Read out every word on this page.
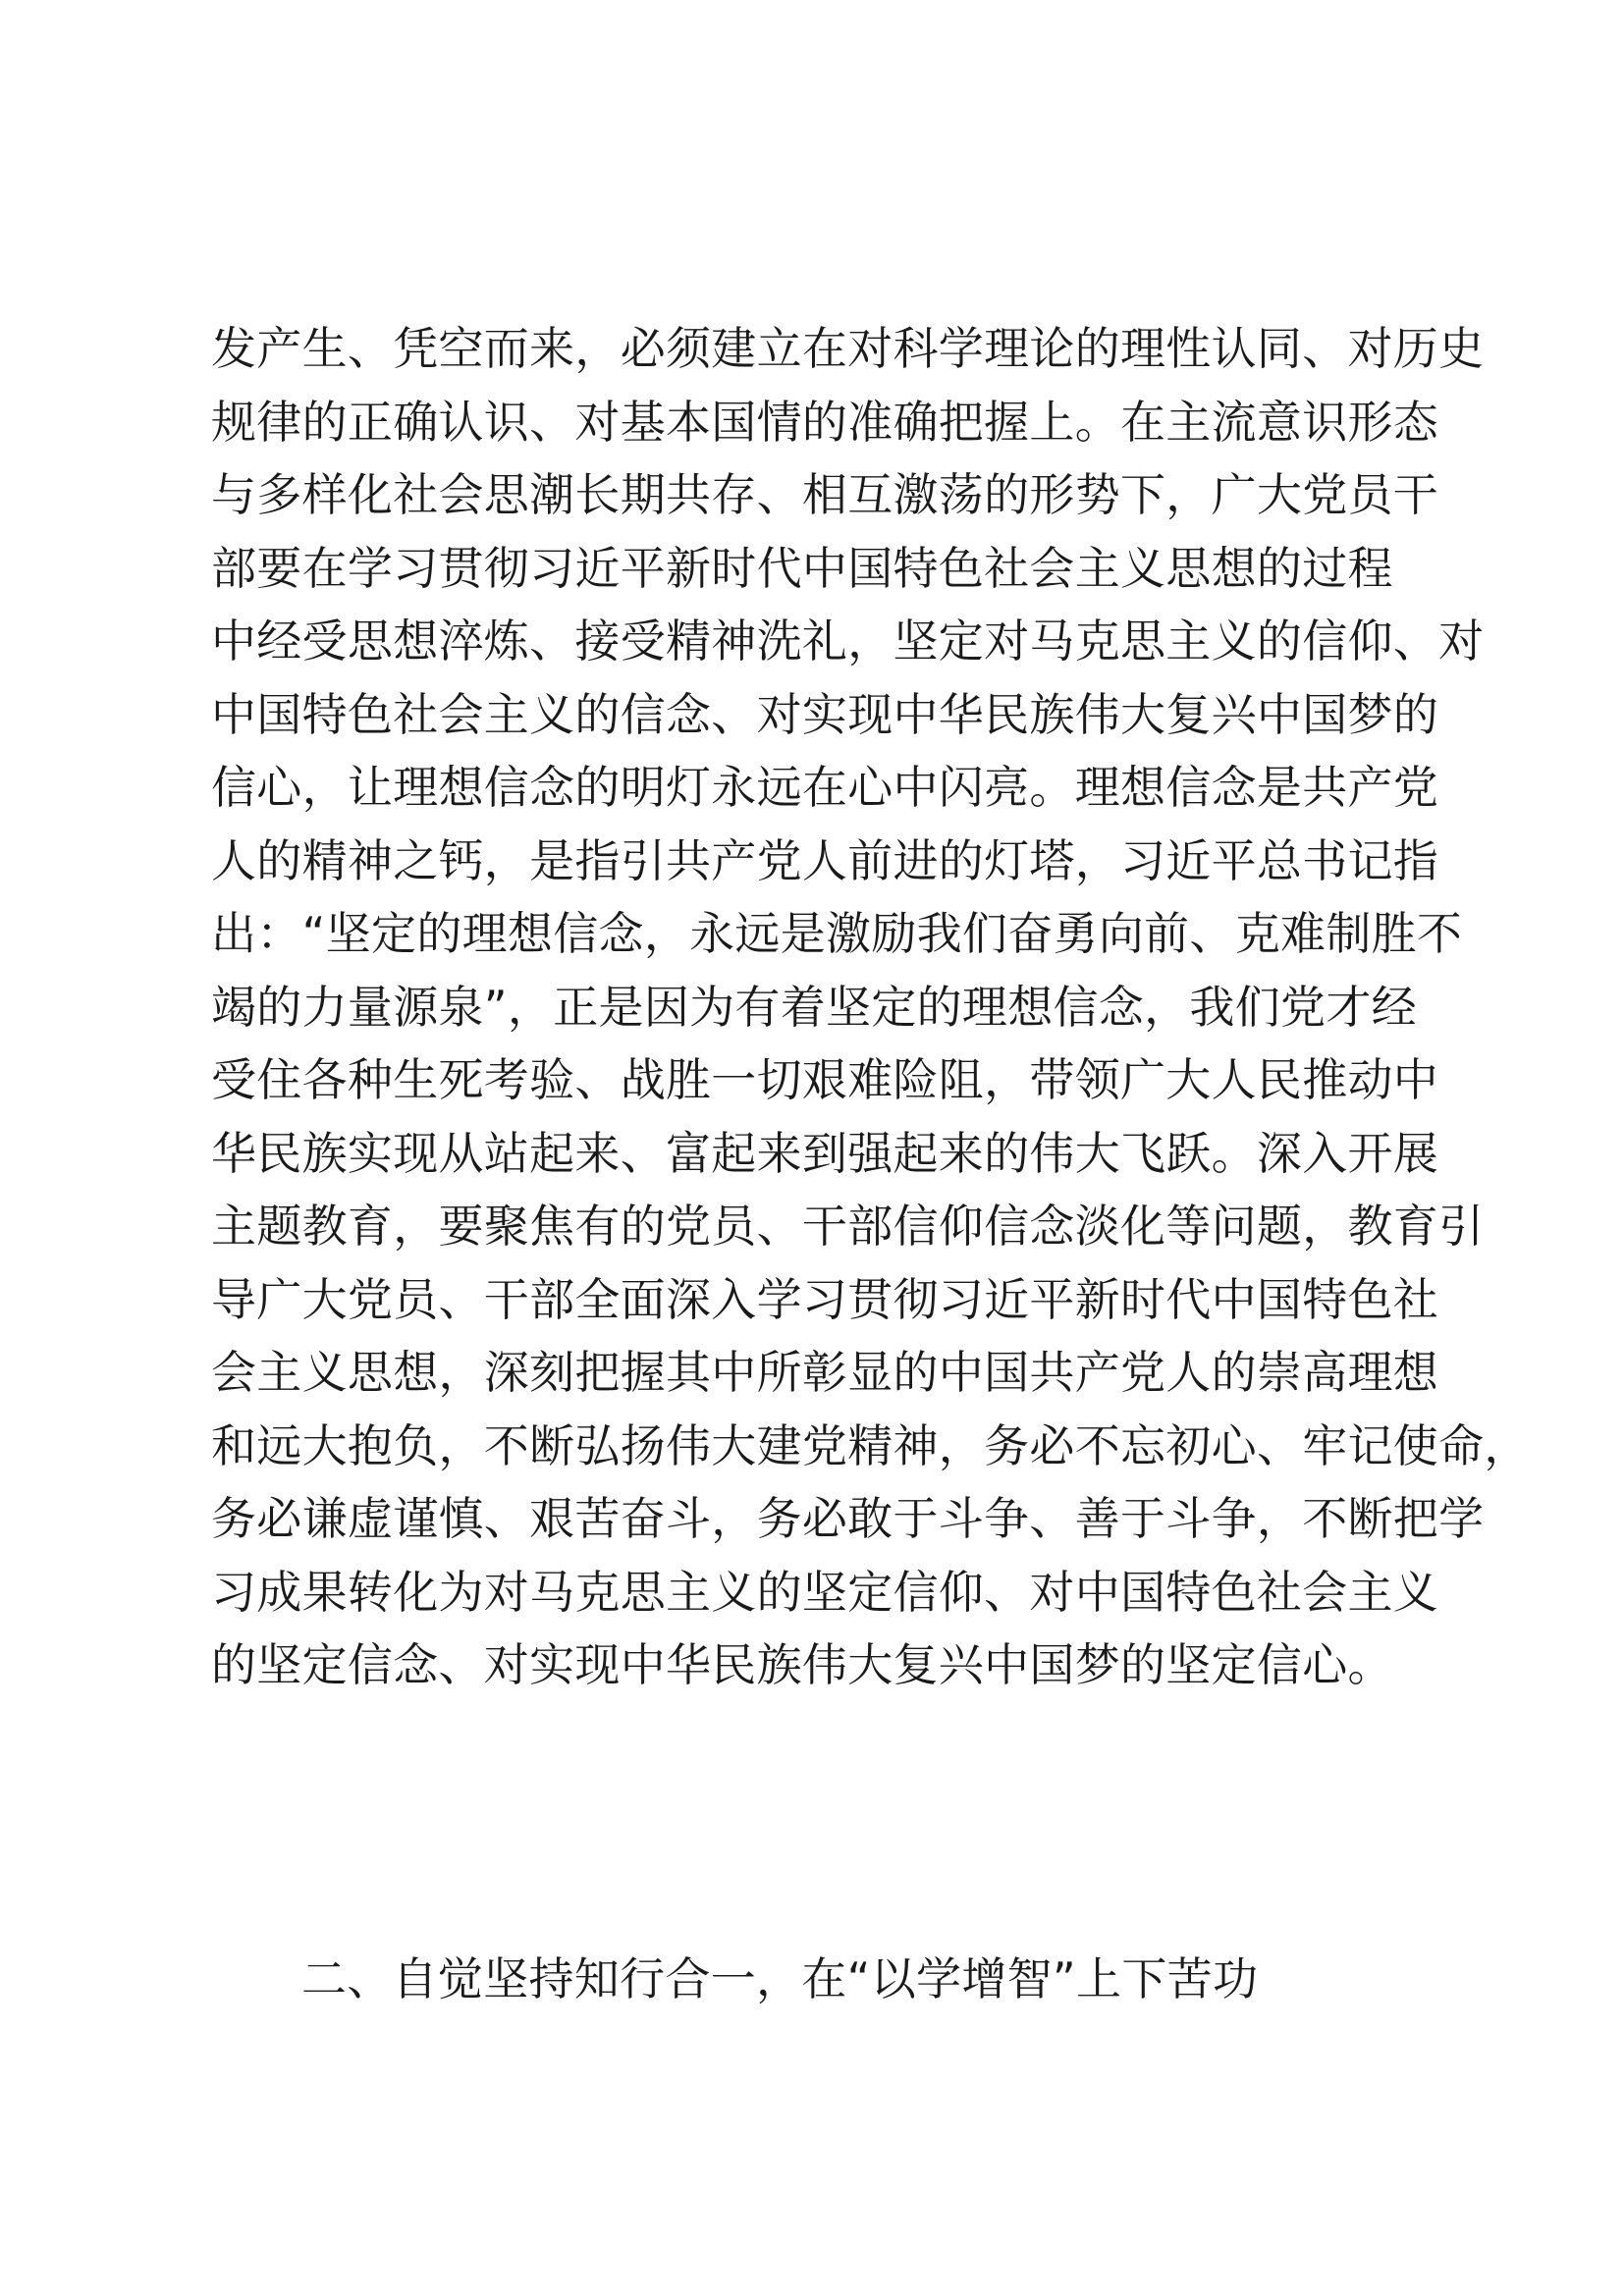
发产生、凭空而来，必须建立在对科学理论的理性认同、对历史
规律的正确认识、对基本国情的准确把握上。在主流意识形态
与多样化社会思潮长期共存、相互激荡的形势下，广大党员干
部要在学习贯彻习近平新时代中国特色社会主义思想的过程
中经受思想淬炼、接受精神洗礼，坚定对马克思主义的信仰、对
中国特色社会主义的信念、对实现中华民族伟大复兴中国梦的
信心，让理想信念的明灯永远在心中闪亮。理想信念是共产党
人的精神之钙，是指引共产党人前进的灯塔，习近平总书记指
出：“坚定的理想信念，永远是激励我们奋勇向前、克难制胜不
竭的力量源泉”，正是因为有着坚定的理想信念，我们党才经
受住各种生死考验、战胜一切艰难险阻，带领广大人民推动中
华民族实现从站起来、富起来到强起来的伟大飞跃。深入开展
主题教育，要聚焦有的党员、干部信仰信念淡化等问题，教育引
导广大党员、干部全面深入学习贯彻习近平新时代中国特色社
会主义思想，深刻把握其中所彰显的中国共产党人的崇高理想
和远大抱负，不断弘扬伟大建党精神，务必不忘初心、牢记使命，
务必谦虚谨慎、艰苦奋斗，务必敢于斗争、善于斗争，不断把学
习成果转化为对马克思主义的坚定信仰、对中国特色社会主义
的坚定信念、对实现中华民族伟大复兴中国梦的坚定信心。
二、自觉坚持知行合一，在“以学增智”上下苦功
